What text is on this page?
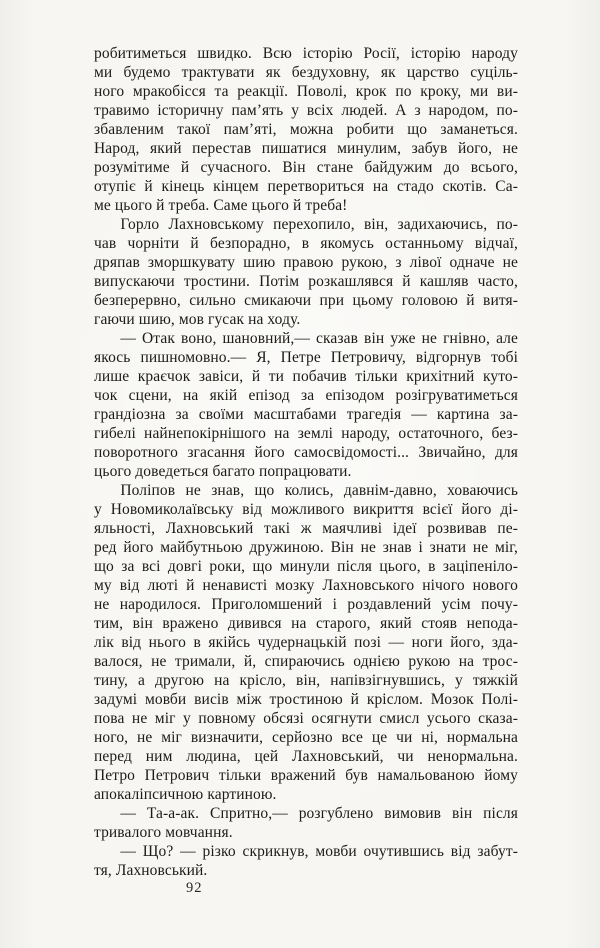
робитиметься швидко. Всю історію Росії, історію народу
ми будемо трактувати як бездуховну, як царство суціль-
ного мракобісся та реакції. Поволі, крок по кроку, ми ви-
травимо історичну пам’ять у всіх людей. А з народом, по-
збавленим такої пам’яті, можна робити що заманеться.
Народ, який перестав пишатися минулим, забув його, не
розумітиме й сучасного. Він стане байдужим до всього,
отупіє й кінець кінцем перетвориться на стадо скотів. Са-
ме цього й треба. Саме цього й треба!
Горло Лахновському перехопило, він, задихаючись, по-
чав чорніти й безпорадно, в якомусь останньому відчаї,
дряпав зморшкувату шию правою рукою, з лівої одначе не
випускаючи тростини. Потім розкашлявся й кашляв часто,
безперервно, сильно смикаючи при цьому головою й витя-
гаючи шию, мов гусак на ходу.
— Отак воно, шановний,— сказав він уже не гнівно, але
якось пишномовно.— Я, Петре Петровичу, відгорнув тобі
лише краєчок завіси, й ти побачив тільки крихітний куто-
чок сцени, на якій епізод за епізодом розігруватиметься
грандіозна за своїми масштабами трагедія — картина за-
гибелі найнепокірнішого на землі народу, остаточного, без-
поворотного згасання його самосвідомості... Звичайно, для
цього доведеться багато попрацювати.
Поліпов не знав, що колись, давнім-давно, ховаючись
у Новомиколаївську від можливого викриття всієї його ді-
яльності, Лахновський такі ж маячливі ідеї розвивав пе-
ред його майбутньою дружиною. Він не знав і знати не міг,
що за всі довгі роки, що минули після цього, в заціпеніло-
му від люті й ненависті мозку Лахновського нічого нового
не народилося. Приголомшений і роздавлений усім почу-
тим, він вражено дивився на старого, який стояв непода-
лік від нього в якійсь чудернацькій позі — ноги його, зда-
валося, не тримали, й, спираючись однією рукою на трос-
тину, а другою на крісло, він, напівзігнувшись, у тяжкій
задумі мовби висів між тростиною й кріслом. Мозок Полі-
пова не міг у повному обсязі осягнути смисл усього сказа-
ного, не міг визначити, серйозно все це чи ні, нормальна
перед ним людина, цей Лахновський, чи ненормальна.
Петро Петрович тільки вражений був намальованою йому
апокаліпсичною картиною.
— Та-а-ак. Спритно,— розгублено вимовив він після
тривалого мовчання.
— Що? — різко скрикнув, мовби очутившись від забут-
тя, Лахновський.
92
